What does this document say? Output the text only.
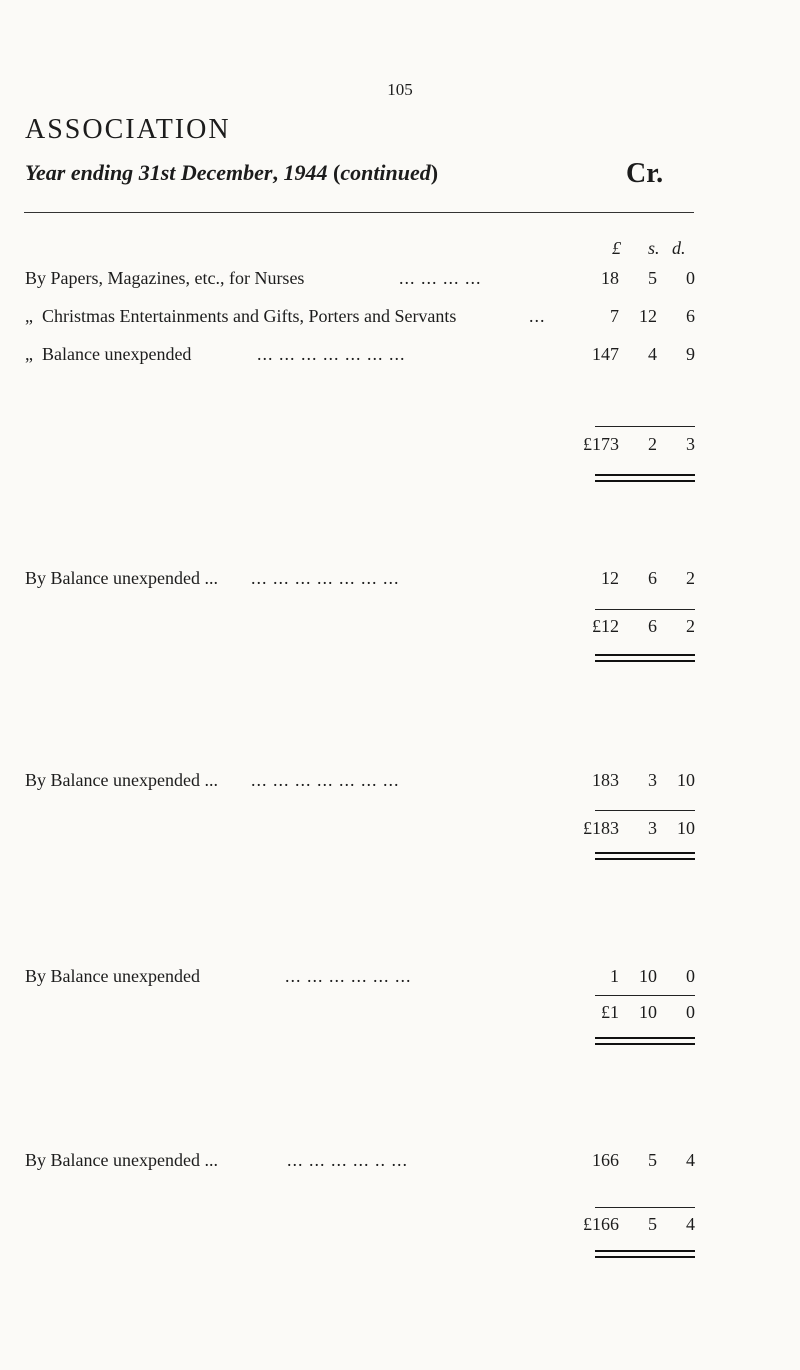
105
ASSOCIATION
Year ending 31st December, 1944 (continued)	Cr.
£ s. d.
By Papers, Magazines, etc., for Nurses	... ... ... ...	18	5	0
„ Christmas Entertainments and Gifts, Porters and Servants	...	7	12	6
„ Balance unexpended	... ... ... ... ... ... ...	147	4	9
£173	2	3
By Balance unexpended ... ... ... ... ... ... ... ...	12	6	2
£12	6	2
By Balance unexpended ... ... ... ... ... ... ... ...	183	3	10
£183	3	10
By Balance unexpended	... ... ... ... ... ...	1	10	0
£1	10	0
By Balance unexpended ...	... ... ... ... .. ...	166	5	4
£166	5	4
